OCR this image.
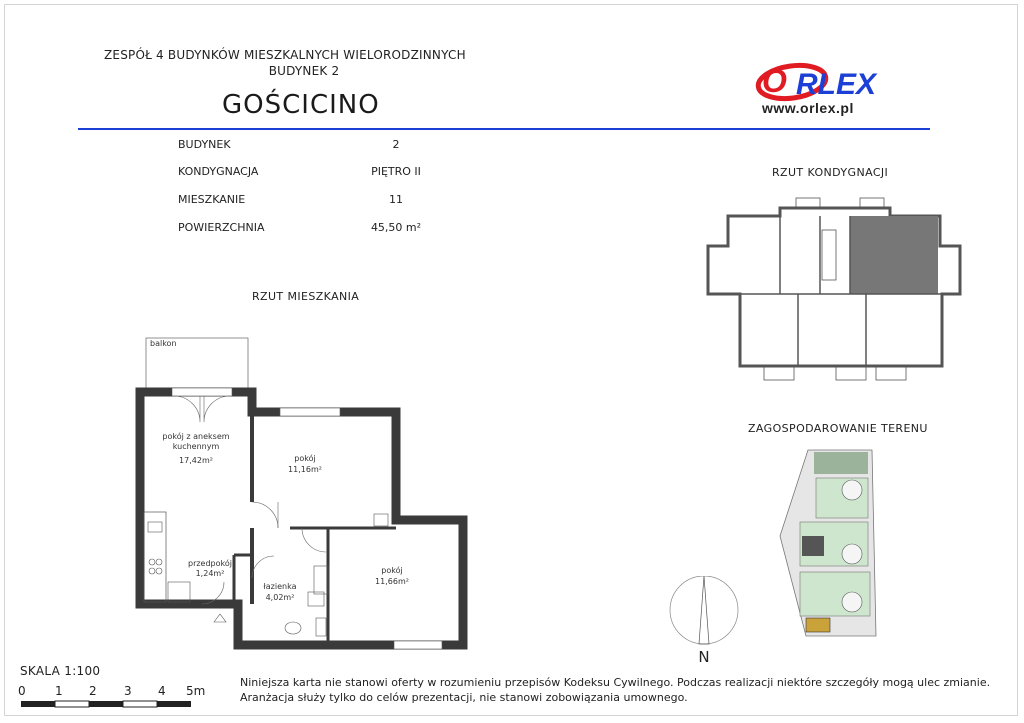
ZESPÓŁ 4 BUDYNKÓW MIESZKALNYCH WIELORODZINNYCH
BUDYNEK 2
GOŚCICINO
O RLEX
www.orlex.pl
BUDYNEK	2
KONDYGNACJA	PIĘTRO II
MIESZKANIE	11
POWIERZCHNIA	45,50 m²
RZUT MIESZKANIA
RZUT KONDYGNACJI
ZAGOSPODAROWANIE TERENU
balkon
pokój z aneksem
kuchennym
17,42m²	pokój
11,16m²
pokój
11,66m²
przedpokój
1,24m²
łazienka
4,02m²
N
SKALA 1:100
0 1 2 3 4 5m
Niniejsza karta nie stanowi oferty w rozumieniu przepisów Kodeksu Cywilnego. Podczas realizacji niektóre szczegóły mogą ulec zmianie.
Aranżacja służy tylko do celów prezentacji, nie stanowi zobowiązania umownego.
